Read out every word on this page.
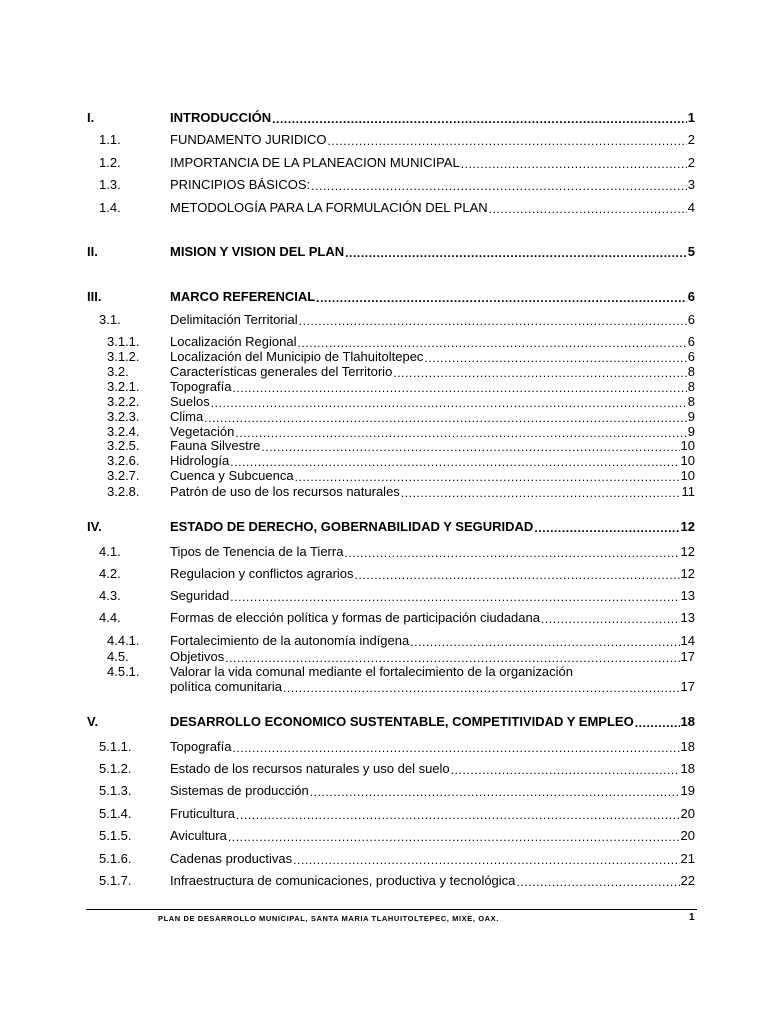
I.	INTRODUCCIÓN .....	1
1.1.	FUNDAMENTO JURIDICO .....	2
1.2.	IMPORTANCIA DE LA PLANEACION MUNICIPAL .....	2
1.3.	PRINCIPIOS BÁSICOS: .....	3
1.4.	METODOLOGÍA PARA LA FORMULACIÓN DEL PLAN .....	4
II.	MISION Y VISION DEL PLAN .....	5
III.	MARCO REFERENCIAL .....	6
3.1.	Delimitación Territorial .....	6
3.1.1. Localización Regional .....	6
3.1.2. Localización del Municipio de Tlahuitoltepec .....	6
3.2.	Características generales del Territorio .....	8
3.2.1. Topografía .....	8
3.2.2. Suelos .....	8
3.2.3. Clima .....	9
3.2.4. Vegetación .....	9
3.2.5. Fauna Silvestre .....	10
3.2.6. Hidrología .....	10
3.2.7. Cuenca y Subcuenca .....	10
3.2.8. Patrón de uso de los recursos naturales .....	11
IV.	ESTADO DE DERECHO, GOBERNABILIDAD Y SEGURIDAD .....	12
4.1.	Tipos de Tenencia de la Tierra .....	12
4.2.	Regulacion y conflictos agrarios .....	12
4.3.	Seguridad .....	13
4.4.	Formas de elección política y formas de participación ciudadana .....	13
4.4.1. Fortalecimiento de la autonomía indígena .....	14
4.5.	Objetivos .....	17
4.5.1. Valorar la vida comunal mediante el fortalecimiento de la organización
política comunitaria .....	17
V.	DESARROLLO ECONOMICO SUSTENTABLE, COMPETITIVIDAD Y EMPLEO .....	18
5.1.1.	Topografía .....	18
5.1.2.	Estado de los recursos naturales y uso del suelo .....	18
5.1.3.	Sistemas de producción .....	19
5.1.4.	Fruticultura .....	20
5.1.5.	Avicultura .....	20
5.1.6.	Cadenas productivas .....	21
5.1.7.	Infraestructura de comunicaciones, productiva y tecnológica .....	22
PLAN DE DESARROLLO MUNICIPAL, SANTA MARIA TLAHUITOLTEPEC, MIXE, OAX.	1
